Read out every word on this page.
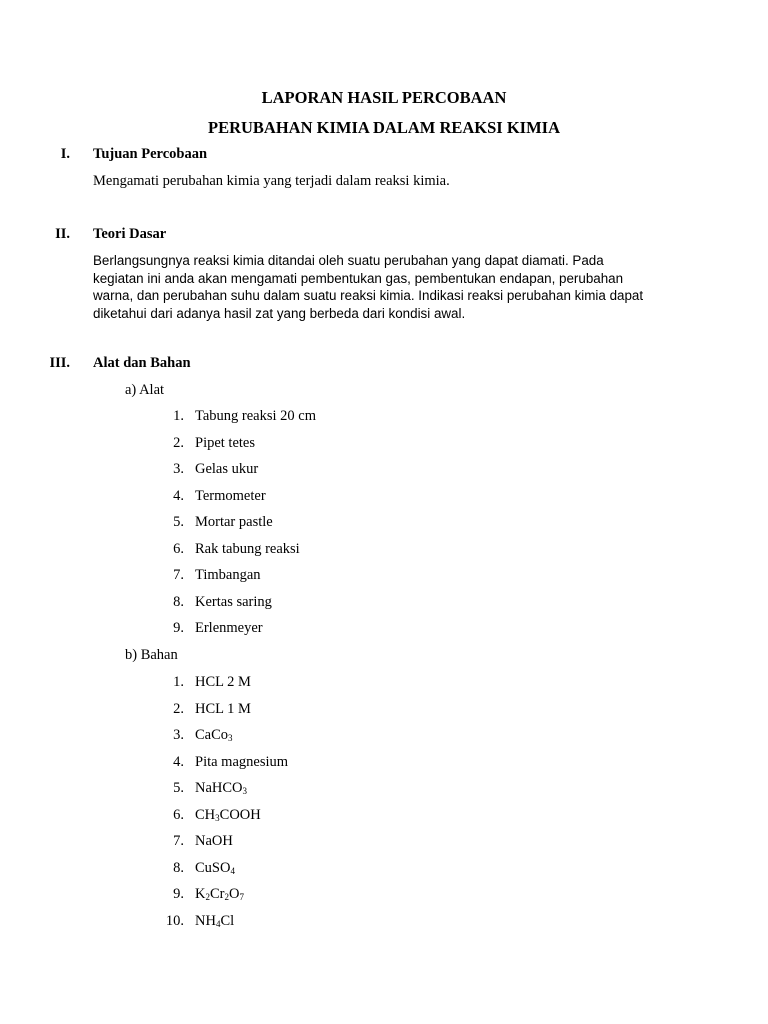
LAPORAN HASIL PERCOBAAN
PERUBAHAN KIMIA DALAM REAKSI KIMIA
I. Tujuan Percobaan
Mengamati perubahan kimia yang terjadi dalam reaksi kimia.
II. Teori Dasar
Berlangsungnya reaksi kimia ditandai oleh suatu perubahan yang dapat diamati. Pada
kegiatan ini anda akan mengamati pembentukan gas, pembentukan endapan, perubahan
warna, dan perubahan suhu dalam suatu reaksi kimia. Indikasi reaksi perubahan kimia dapat
diketahui dari adanya hasil zat yang berbeda dari kondisi awal.
III. Alat dan Bahan
a) Alat
1. Tabung reaksi 20 cm
2. Pipet tetes
3. Gelas ukur
4. Termometer
5. Mortar pastle
6. Rak tabung reaksi
7. Timbangan
8. Kertas saring
9. Erlenmeyer
b) Bahan
1. HCL 2 M
2. HCL 1 M
3. CaCo$_3$
4. Pita magnesium
5. NaHCO$_3$
6. $CH_3COOH$
7. NaOH
8. CuSO$_4$
9. $K_2Cr_2O_7$
10. $NH_4Cl$
